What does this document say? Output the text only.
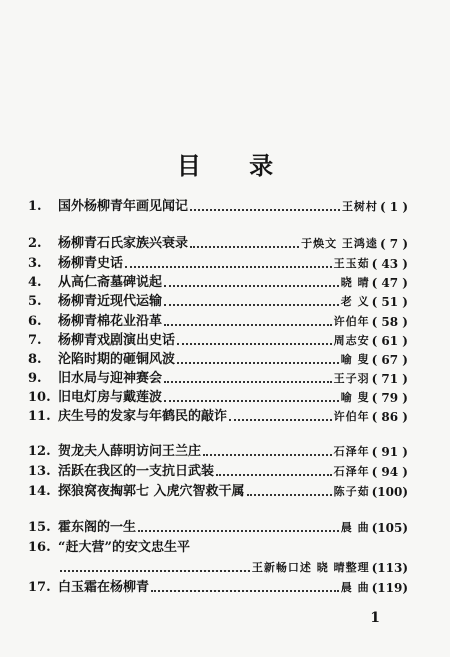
目 录
1.	国外杨柳青年画见闻记	王树村 ( 1 )
2.	杨柳青石氏家族兴衰录	于焕文 王鸿逵 ( 7 )
3.	杨柳青史话	王玉茹 ( 43 )
4.	从高仁斋墓碑说起	晓 晴 ( 47 )
5.	杨柳青近现代运输	老 义 ( 51 )
6.	杨柳青棉花业沿革	许伯年 ( 58 )
7.	杨柳青戏剧演出史话	周志安 ( 61 )
8.	沦陷时期的砸铜风波	喻 叟 ( 67 )
9.	旧水局与迎神赛会	王子羽 ( 71 )
10. 旧电灯房与戴莲波	喻 叟 ( 79 )
11. 庆生号的发家与年鹤民的敲诈	许伯年 ( 86 )
12. 贺龙夫人薛明访问王兰庄	石泽年 ( 91 )
13. 活跃在我区的一支抗日武装	石泽年 ( 94 )
14. 探狼窝夜掏郭七 入虎穴智救干属	陈子茹 (100)
15. 霍东阁的一生	晨 曲 (105)
16. “赶大营”的安文忠生平
王新畅口述 晓 晴整理 (113)
17. 白玉霜在杨柳青	晨 曲 (119)
1
